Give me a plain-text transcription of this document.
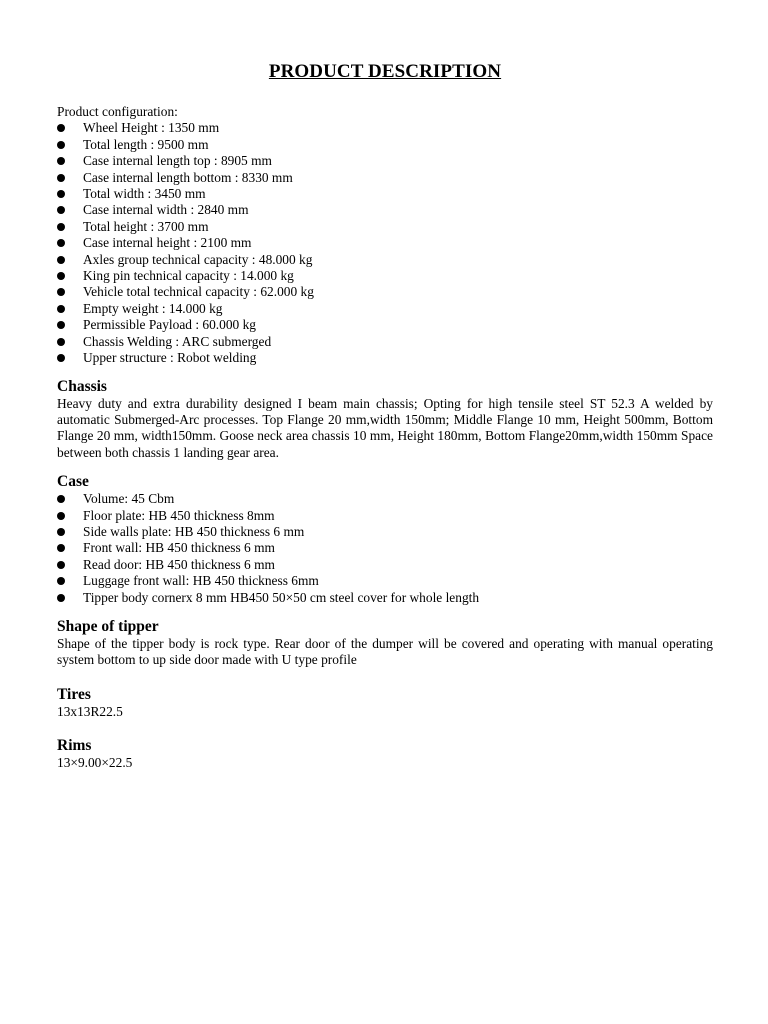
PRODUCT DESCRIPTION
Product configuration:
Wheel Height : 1350 mm
Total length : 9500 mm
Case internal length top : 8905 mm
Case internal length bottom : 8330 mm
Total width : 3450 mm
Case internal width : 2840 mm
Total height : 3700 mm
Case internal height : 2100 mm
Axles group technical capacity : 48.000 kg
King pin technical capacity : 14.000 kg
Vehicle total technical capacity : 62.000 kg
Empty weight : 14.000 kg
Permissible Payload : 60.000 kg
Chassis Welding : ARC submerged
Upper structure : Robot welding
Chassis

Heavy duty and extra durability designed I beam main chassis; Opting for high tensile steel ST 52.3 A welded by automatic Submerged-Arc processes. Top Flange 20 mm,width 150mm; Middle Flange 10 mm, Height 500mm, Bottom Flange 20 mm, width150mm. Goose neck area chassis 10 mm, Height 180mm, Bottom Flange20mm,width 150mm Space between both chassis 1 landing gear area.

Case
Volume: 45 Cbm
Floor plate: HB 450 thickness 8mm
Side walls plate: HB 450 thickness 6 mm
Front wall: HB 450 thickness 6 mm
Read door: HB 450 thickness 6 mm
Luggage front wall: HB 450 thickness 6mm
Tipper body cornerx 8 mm HB450 50×50 cm steel cover for whole length
Shape of tipper

Shape of the tipper body is rock type. Rear door of the dumper will be covered and operating with manual operating system bottom to up side door made with U type profile

Tires

13x13R22.5

Rims

13×9.00×22.5
